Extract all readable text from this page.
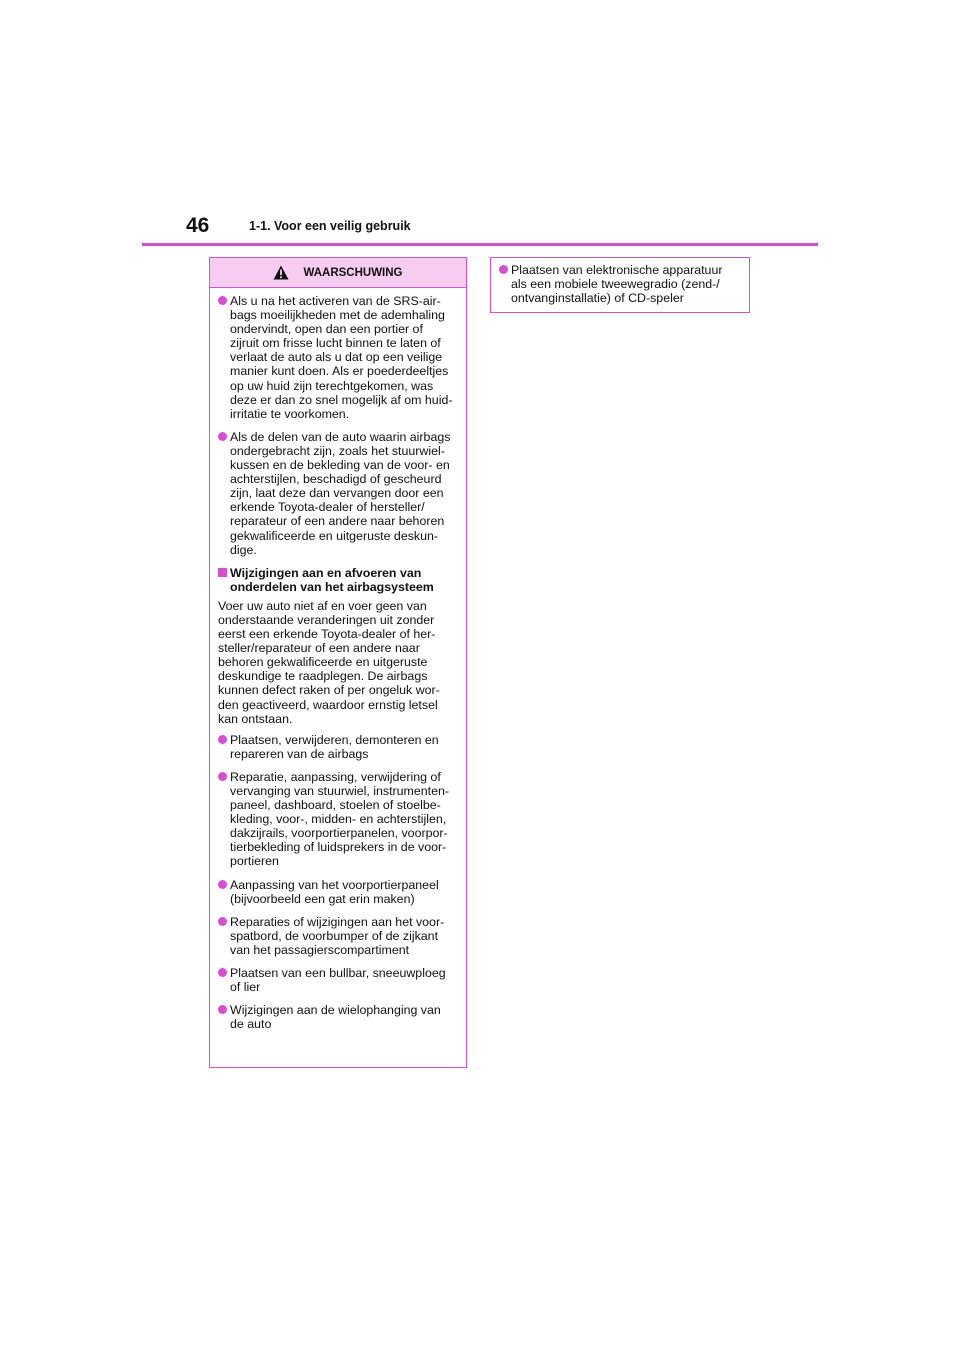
46	1-1. Voor een veilig gebruik
WAARSCHUWING
Als u na het activeren van de SRS-air-
bags moeilijkheden met de ademhaling
ondervindt, open dan een portier of
zijruit om frisse lucht binnen te laten of
verlaat de auto als u dat op een veilige
manier kunt doen. Als er poederdeeltjes
op uw huid zijn terechtgekomen, was
deze er dan zo snel mogelijk af om huid-
irritatie te voorkomen.
Als de delen van de auto waarin airbags
ondergebracht zijn, zoals het stuurwiel-
kussen en de bekleding van de voor- en
achterstijlen, beschadigd of gescheurd
zijn, laat deze dan vervangen door een
erkende Toyota-dealer of hersteller/
reparateur of een andere naar behoren
gekwalificeerde en uitgeruste deskun-
dige.
Wijzigingen aan en afvoeren van
onderdelen van het airbagsysteem
Voer uw auto niet af en voer geen van
onderstaande veranderingen uit zonder
eerst een erkende Toyota-dealer of her-
steller/reparateur of een andere naar
behoren gekwalificeerde en uitgeruste
deskundige te raadplegen. De airbags
kunnen defect raken of per ongeluk wor-
den geactiveerd, waardoor ernstig letsel
kan ontstaan.
Plaatsen, verwijderen, demonteren en
repareren van de airbags
Reparatie, aanpassing, verwijdering of
vervanging van stuurwiel, instrumenten-
paneel, dashboard, stoelen of stoelbe-
kleding, voor-, midden- en achterstijlen,
dakzijrails, voorportierpanelen, voorpor-
tierbekleding of luidsprekers in de voor-
portieren
Aanpassing van het voorportierpaneel
(bijvoorbeeld een gat erin maken)
Reparaties of wijzigingen aan het voor-
spatbord, de voorbumper of de zijkant
van het passagierscompartiment
Plaatsen van een bullbar, sneeuwploeg
of lier
Wijzigingen aan de wielophanging van
de auto
Plaatsen van elektronische apparatuur
als een mobiele tweewegradio (zend-/
ontvanginstallatie) of CD-speler
